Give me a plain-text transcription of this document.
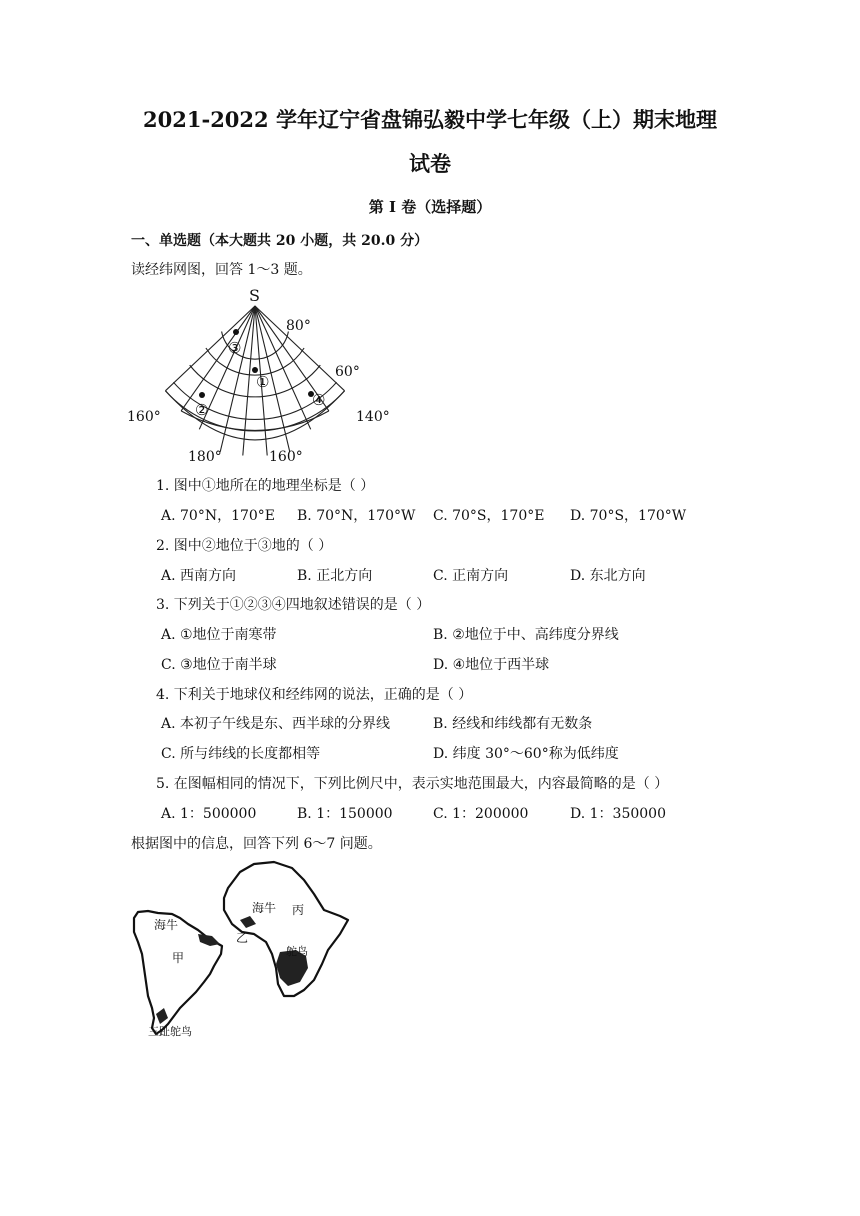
2021-2022 学年辽宁省盘锦弘毅中学七年级（上）期末地理
试卷
第 I 卷（选择题）
一、单选题（本大题共 20 小题，共 20.0 分）
读经纬网图，回答 1～3 题。
S
80°
60°
160°
180°	160°
140°
①
②
③
④
1. 图中①地所在的地理坐标是（ ）
A. 70°N，170°E B. 70°N，170°W C. 70°S，170°E D. 70°S，170°W
2. 图中②地位于③地的（ ）
A. 西南方向	B. 正北方向	C. 正南方向	D. 东北方向
3. 下列关于①②③④四地叙述错误的是（ ）
A. ①地位于南寒带	B. ②地位于中、高纬度分界线
C. ③地位于南半球	D. ④地位于西半球
4. 下利关于地球仪和经纬网的说法，正确的是（ ）
A. 本初子午线是东、西半球的分界线	B. 经线和纬线都有无数条
C. 所与纬线的长度都相等	D. 纬度 30°～60°称为低纬度
5. 在图幅相同的情况下，下列比例尺中，表示实地范围最大，内容最简略的是（ ）
A. 1：500000	B. 1：150000	C. 1：200000	D. 1：350000
根据图中的信息，回答下列 6～7 问题。
海牛
甲
三趾鸵鸟
海牛 丙
乙
鸵鸟
